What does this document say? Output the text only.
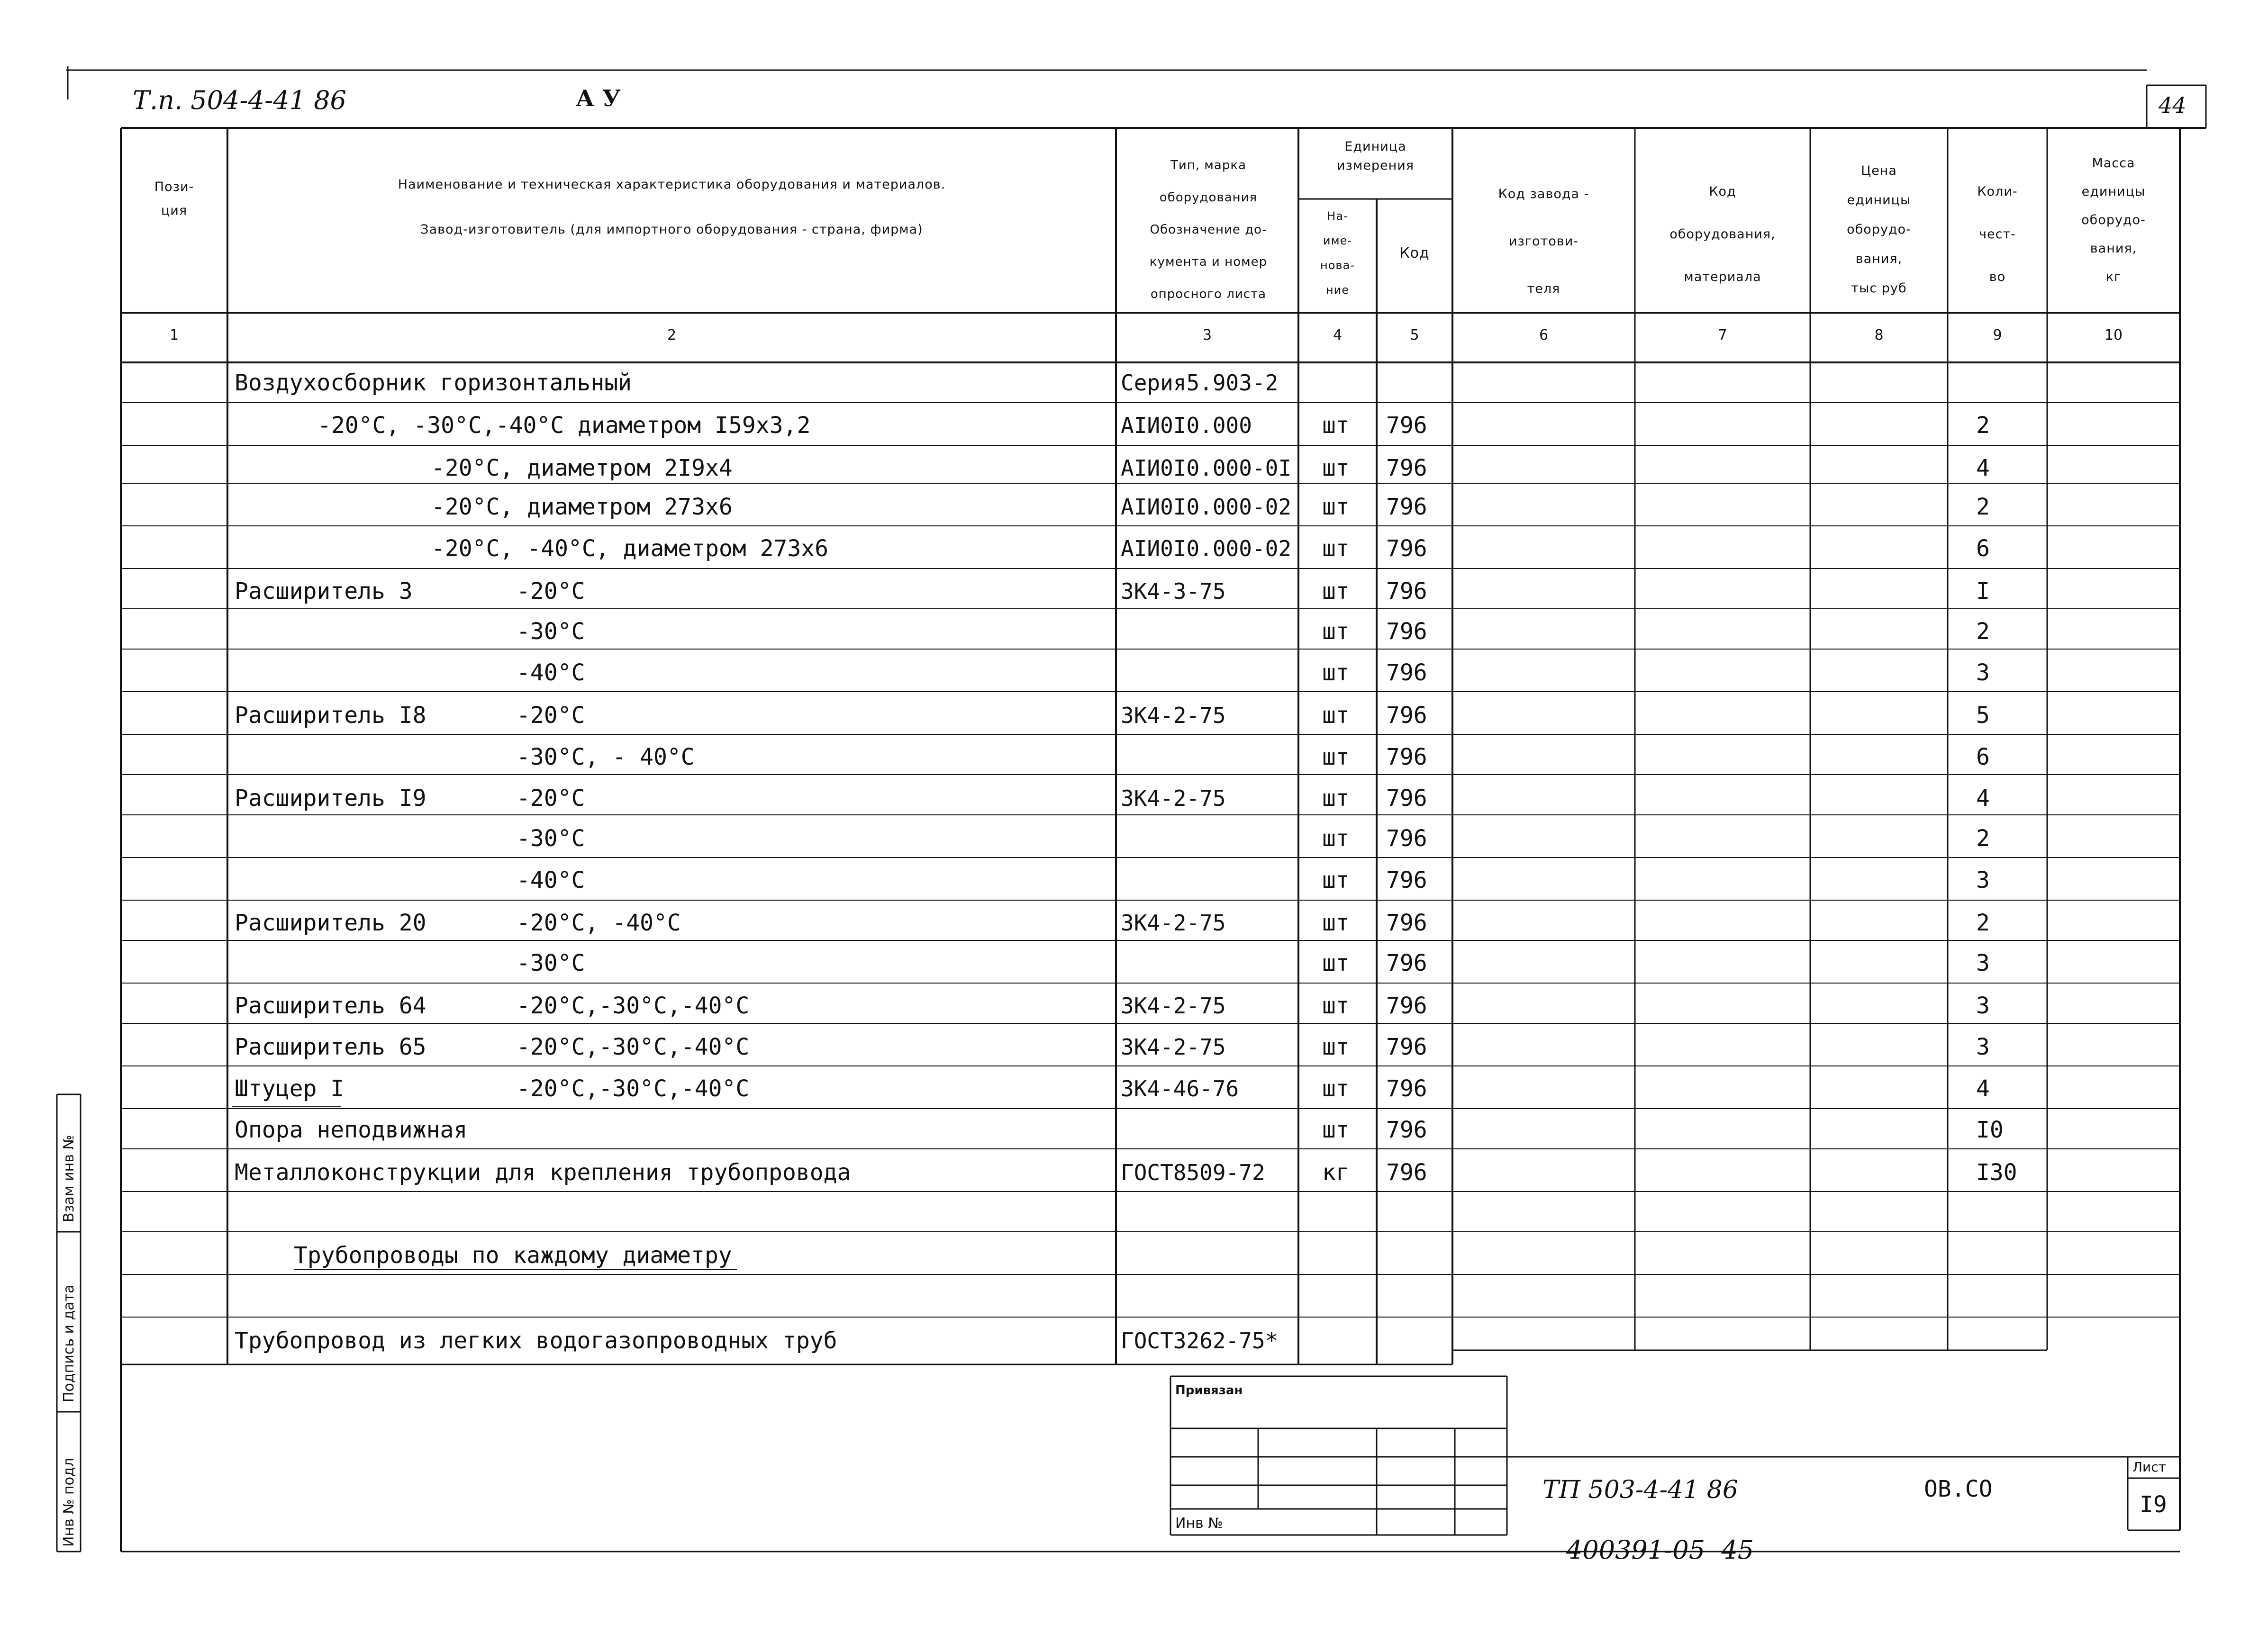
Т.п. 504-4-41 86	А У	44
Пози-
ция
Наименование и техническая характеристика оборудования и материалов.
Завод-изготовитель (для импортного оборудования - страна, фирма)
Тип, марка
оборудования
Обозначение до-
кумента и номер
опросного листа
Единица
измерения
На-
име-
нова-
ние
Код
Код завода -
изготови-
теля
Код
оборудования,
материала
Цена
единицы
оборудо-
вания,
тыс руб
Коли-
чест-
во
Масса
единицы
оборудо-
вания,
кг
1	2	3	4	5	6	7	8	9	10
Воздухосборник горизонтальный	Серия5.903-2
-20°С, -30°С,-40°С диаметром I59х3,2	АIИ0I0.000	шт 796	2
-20°С, диаметром 2I9х4	АIИ0I0.000-0I шт 796	4
-20°С, диаметром 273х6	АIИ0I0.000-02 шт 796	2
-20°С, -40°С, диаметром 273х6	АIИ0I0.000-02 шт 796	6
Расширитель 3	-20°С	ЗК4-3-75	шт 796	I
-30°С	шт 796	2
-40°С	шт 796	3
Расширитель I8	-20°С	ЗК4-2-75	шт 796	5
-30°С, - 40°С	шт 796	6
Расширитель I9	-20°С	ЗК4-2-75	шт 796	4
-30°С	шт 796	2
-40°С	шт 796	3
Расширитель 20	-20°С, -40°С	ЗК4-2-75	шт 796	2
-30°С	шт 796	3
Расширитель 64	-20°С,-30°С,-40°С	ЗК4-2-75	шт 796	3
Расширитель 65	-20°С,-30°С,-40°С	ЗК4-2-75	шт 796	3
Штуцер I	-20°С,-30°С,-40°С	ЗК4-46-76	шт 796	4
Опора неподвижная	шт 796	I0
Металлоконструкции для крепления трубопровода	ГОСТ8509-72	кг 796	I30
Трубопроводы по каждому диаметру
Трубопровод из легких водогазопроводных труб	ГОСТ3262-75*
Привязан
Инв №
ТП 503-4-41 86	ОВ.СО
Лист
I9
400391-05  45
Взам инв №
Подпись и дата
Инв № подл
